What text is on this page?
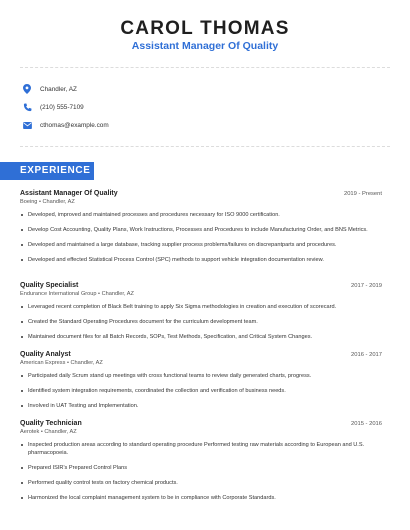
CAROL THOMAS
Assistant Manager Of Quality
Chandler, AZ
(210) 555-7109
cthomas@example.com
EXPERIENCE
Assistant Manager Of Quality	2019 - Present
Boeing • Chandler, AZ
Developed, improved and maintained processes and procedures necessary for ISO 9000 certification.
Develop Cost Accounting, Quality Plans, Work Instructions, Processes and Procedures to include Manufacturing Order, and BNS Metrics.
Developed and maintained a large database, tracking supplier process problems/failures on discrepantparts and procedures.
Developed and effected Statistical Process Control (SPC) methods to support vehicle integration documentation review.
Quality Specialist	2017 - 2019
Endurance International Group • Chandler, AZ
Leveraged recent completion of Black Belt training to apply Six Sigma methodologies in creation and execution of scorecard.
Created the Standard Operating Procedures document for the curriculum development team.
Maintained document files for all Batch Records, SOPs, Test Methods, Specification, and Critical System Changes.
Quality Analyst	2016 - 2017
American Express • Chandler, AZ
Participated daily Scrum stand up meetings with cross functional teams to review daily generated charts, progress.
Identified system integration requirements, coordinated the collection and verification of business needs.
Involved in UAT Testing and Implementation.
Quality Technician	2015 - 2016
Aerotek • Chandler, AZ
Inspected production areas according to standard operating procedure Performed testing raw materials according to European and U.S. pharmacopoeia.
Prepared ISIR's Prepared Control Plans
Performed quality control tests on factory chemical products.
Harmonized the local complaint management system to be in compliance with Corporate Standards.
